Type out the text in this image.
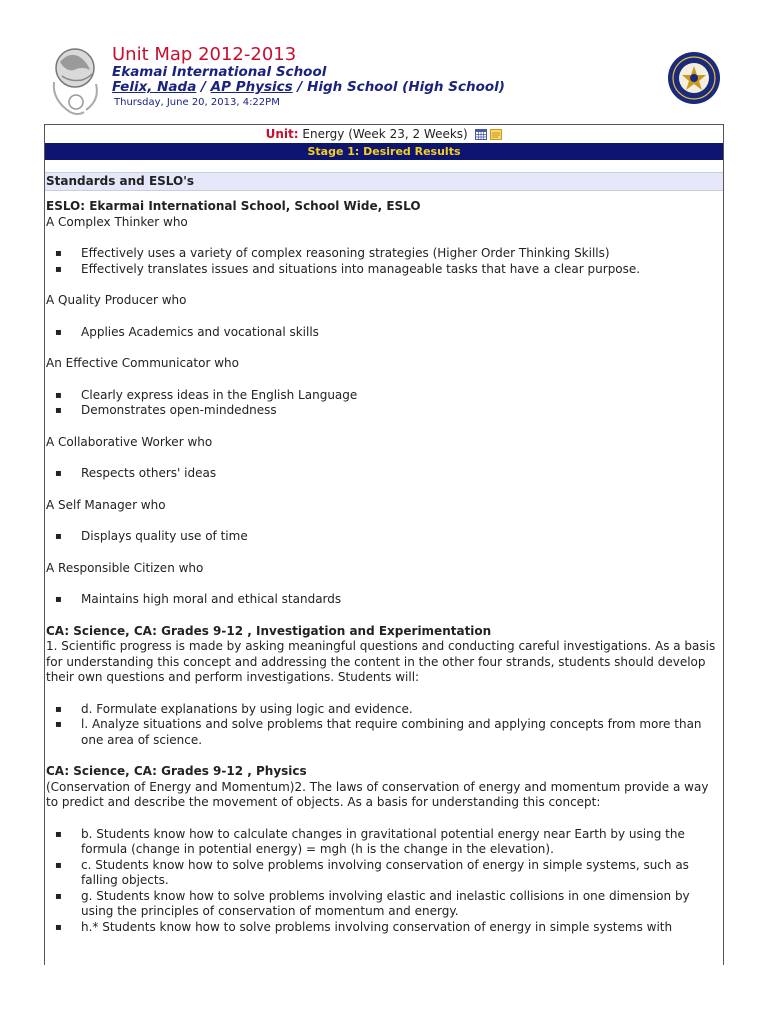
Unit Map 2012-2013
Ekamai International School
Felix, Nada / AP Physics / High School (High School)
Thursday, June 20, 2013, 4:22PM
Unit: Energy (Week 23, 2 Weeks)
Stage 1: Desired Results
Standards and ESLO's
ESLO: Ekarmai International School, School Wide, ESLO
A Complex Thinker who
▪ Effectively uses a variety of complex reasoning strategies (Higher Order Thinking Skills)
▪ Effectively translates issues and situations into manageable tasks that have a clear purpose.
A Quality Producer who
▪ Applies Academics and vocational skills
An Effective Communicator who
▪ Clearly express ideas in the English Language
▪ Demonstrates open-mindedness
A Collaborative Worker who
▪ Respects others' ideas
A Self Manager who
▪ Displays quality use of time
A Responsible Citizen who
▪ Maintains high moral and ethical standards
CA: Science, CA: Grades 9-12 , Investigation and Experimentation

1. Scientific progress is made by asking meaningful questions and conducting careful investigations. As a basis for understanding this concept and addressing the content in the other four strands, students should develop their own questions and perform investigations. Students will:

▪ d. Formulate explanations by using logic and evidence.
▪ l. Analyze situations and solve problems that require combining and applying concepts from more than one area of science.
CA: Science, CA: Grades 9-12 , Physics

(Conservation of Energy and Momentum)2. The laws of conservation of energy and momentum provide a way to predict and describe the movement of objects. As a basis for understanding this concept:

▪ b. Students know how to calculate changes in gravitational potential energy near Earth by using the formula (change in potential energy) = mgh (h is the change in the elevation).
▪ c. Students know how to solve problems involving conservation of energy in simple systems, such as falling objects.
▪ g. Students know how to solve problems involving elastic and inelastic collisions in one dimension by using the principles of conservation of momentum and energy.
▪ h.* Students know how to solve problems involving conservation of energy in simple systems with
